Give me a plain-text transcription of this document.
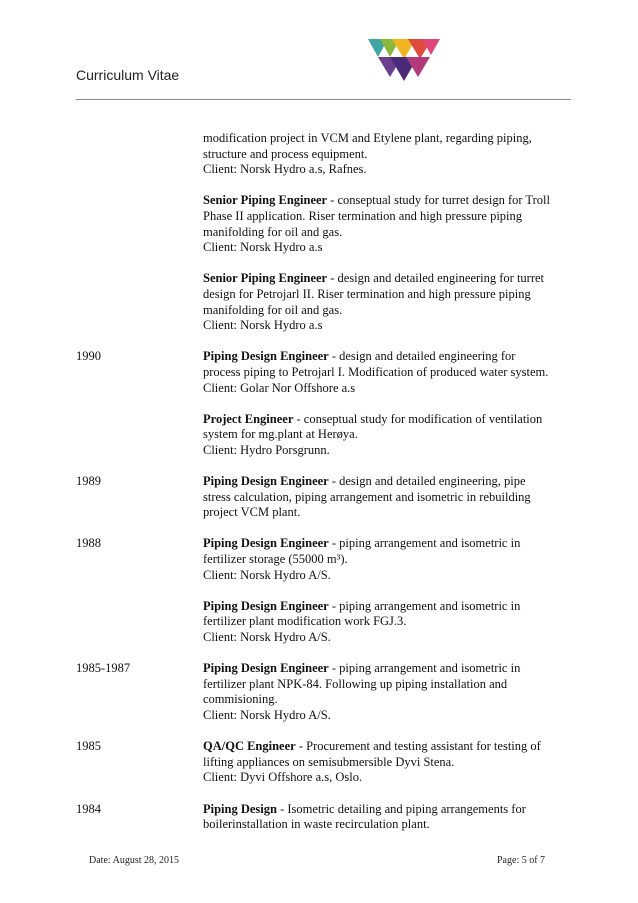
Curriculum Vitae
modification project in VCM and Etylene plant, regarding piping,
structure and process equipment.
Client: Norsk Hydro a.s, Rafnes.
Senior Piping Engineer - conseptual study for turret design for Troll
Phase II application. Riser termination and high pressure piping
manifolding for oil and gas.
Client: Norsk Hydro a.s
Senior Piping Engineer - design and detailed engineering for turret
design for Petrojarl II. Riser termination and high pressure piping
manifolding for oil and gas.
Client: Norsk Hydro a.s
1990	Piping Design Engineer - design and detailed engineering for
process piping to Petrojarl I. Modification of produced water system.
Client: Golar Nor Offshore a.s
Project Engineer - conseptual study for modification of ventilation
system for mg.plant at Herøya.
Client: Hydro Porsgrunn.
1989	Piping Design Engineer - design and detailed engineering, pipe
stress calculation, piping arrangement and isometric in rebuilding
project VCM plant.
1988	Piping Design Engineer - piping arrangement and isometric in
fertilizer storage (55000 m³).
Client: Norsk Hydro A/S.
Piping Design Engineer - piping arrangement and isometric in
fertilizer plant modification work FGJ.3.
Client: Norsk Hydro A/S.
1985-1987	Piping Design Engineer - piping arrangement and isometric in
fertilizer plant NPK-84. Following up piping installation and
commisioning.
Client: Norsk Hydro A/S.
1985	QA/QC Engineer - Procurement and testing assistant for testing of
lifting appliances on semisubmersible Dyvi Stena.
Client: Dyvi Offshore a.s, Oslo.
1984	Piping Design - Isometric detailing and piping arrangements for
boilerinstallation in waste recirculation plant.
Date: August 28, 2015	Page: 5 of 7
